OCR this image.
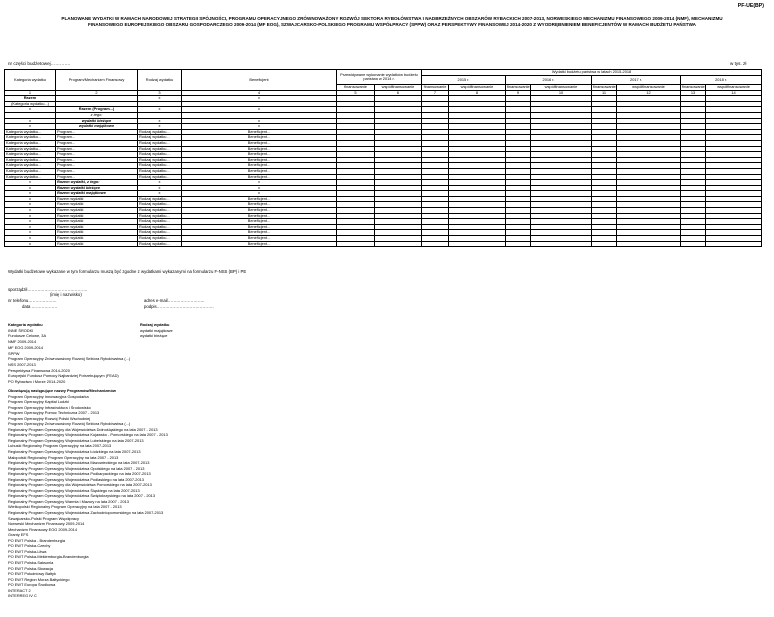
PF-UE(BP)
PLANOWANE WYDATKI W RAMACH NARODOWEJ STRATEGII SPÓJNOŚCI, PROGRAMU OPERACYJNEGO ZRÓWNOWAŻONY ROZWÓJ SEKTORA RYBOŁÓWSTWA I NADBRZEŻNYCH OBSZARÓW RYBACKICH 2007-2013, NORWESKIEGO MECHANIZMU FINANSOWEGO 2009-2014 (NMF), MECHANIZMU
FINANSOWEGO EUROPEJSKIEGO OBSZARU GOSPODARCZEGO 2009-2014 (MF EOG), SZWAJCARSKO-POLSKIEGO PROGRAMU WSPÓŁPRACY (SPPW) ORAZ PERSPEKTYWY FINANSOWEJ 2014-2020 Z WYODRĘBNIENIEM BENEFICJENTÓW W RAMACH BUDŻETU PAŃSTWA
nr części budżetowej………….	w tys. zł
Kategoria wydatku	Program/Mechanizm Finansowy	Rodzaj wydatku	Beneficjent	Przewidywane wykonanie wydatków budżetu państwa w 2014 r.		Wydatki budżetu państwa w latach 2015-2018							
						2015 r.		2016 r.		2017 r.		2018 r.	
				finansowanie	współfinansowanie	finansowanie	współfinansowanie	finansowanie	współfinansowanie	finansowanie	współfinansowanie	finansowanie	współfinansowanie
1	2	3	4	5	6	7	8	9	10	11	12	13	14
Razem		x	x										
(Kategoria wydatku...)													
x	Razem (Program...)	x	x										
	z tego:												
x	wydatki bieżące	x	x										
x	wydatki majątkowe	x	x										
Kategoria wydatku...	Program...	Rodzaj wydatku...	Beneficjent...										
Kategoria wydatku...	Program...	Rodzaj wydatku...	Beneficjent...										
Kategoria wydatku...	Program...	Rodzaj wydatku...	Beneficjent...										
Kategoria wydatku...	Program...	Rodzaj wydatku...	Beneficjent...										
Kategoria wydatku...	Program...	Rodzaj wydatku...	Beneficjent...										
Kategoria wydatku...	Program...	Rodzaj wydatku...	Beneficjent...										
Kategoria wydatku...	Program...	Rodzaj wydatku...	Beneficjent...										
Kategoria wydatku...	Program...	Rodzaj wydatku...	Beneficjent...										
Kategoria wydatku...	Program...	Rodzaj wydatku...	Beneficjent...										
x	Razem wydatki, z tego:	x	x										
x	Razem wydatki bieżące	x	x										
x	Razem wydatki majątkowe	x	x										
x	Razem wydatki	Rodzaj wydatku...	Beneficjent...										
x	Razem wydatki	Rodzaj wydatku...	Beneficjent...										
x	Razem wydatki	Rodzaj wydatku...	Beneficjent...										
x	Razem wydatki	Rodzaj wydatku...	Beneficjent...										
x	Razem wydatki	Rodzaj wydatku...	Beneficjent...										
x	Razem wydatki	Rodzaj wydatku...	Beneficjent...										
x	Razem wydatki	Rodzaj wydatku...	Beneficjent...										
x	Razem wydatki	Rodzaj wydatku...	Beneficjent...										
x	Razem wydatki	Rodzaj wydatku...	Beneficjent...										
Wydatki budżetowe wykazane w tym formularzu muszą być zgodne z wydatkami wykazanymi na formularzu F-NSS (BP) i PE
sporządził……………………………………
(imię i nazwisko)
nr telefonu………………..	adres e-mail……………………..
data ………………	podpis………………………………….
Kategoria wydatku
INNE ŚRODKI
Fundusze Celowe, 3A
NMF 2009-2014
MF EOG 2009-2014
SPPW
Program Operacyjny Zrównoważony Rozwój Sektora Rybołówstwa (...)
NSS 2007-2013
Perspektywa Finansowa 2014-2020
Europejski Fundusz Pomocy Najbardziej Potrzebującym (FEAD)
PO Rybactwo i Morze 2014-2020
Rodzaj wydatku
wydatki majątkowe
wydatki bieżące
Obowiązują następujące nazwy Programów/Mechanizmów
Program Operacyjny Innowacyjna Gospodarka
Program Operacyjny Kapitał Ludzki
Program Operacyjny Infrastruktura i Środowisko
Program Operacyjny Pomoc Techniczna 2007 - 2013
Program Operacyjny Rozwój Polski Wschodniej
Program Operacyjny Zrównoważony Rozwój Sektora Rybołówstwa (...)
Regionalny Program Operacyjny dla Województwa Dolnośląskiego na lata 2007 - 2013
Regionalny Program Operacyjny Województwa Kujawsko - Pomorskiego na lata 2007 - 2013
Regionalny Program Operacyjny Województwa Lubelskiego na lata 2007-2013
Lubuski Regionalny Program Operacyjny na lata 2007-2013
Regionalny Program Operacyjny Województwa Łódzkiego na lata 2007-2013
Małopolski Regionalny Program Operacyjny na lata 2007 - 2013
Regionalny Program Operacyjny Województwa Mazowieckiego na lata 2007-2013
Regionalny Program Operacyjny Województwa Opolskiego na lata 2007 - 2013
Regionalny Program Operacyjny Województwa Podkarpackiego na lata 2007-2013
Regionalny Program Operacyjny Województwa Podlaskiego na lata 2007-2013
Regionalny Program Operacyjny dla Województwa Pomorskiego na lata 2007-2013
Regionalny Program Operacyjny Województwa Śląskiego na lata 2007-2013
Regionalny Program Operacyjny Województwa Świętokrzyskiego na lata 2007 - 2013
Regionalny Program Operacyjny Warmia i Mazury na lata 2007 - 2013
Wielkopolski Regionalny Program Operacyjny na lata 2007 - 2013
Regionalny Program Operacyjny Województwa Zachodniopomorskiego na lata 2007-2013
Szwajcarsko-Polski Program Współpracy
Norweski Mechanizm Finansowy 2009-2014
Mechanizm Finansowy EOG 2009-2014
Granty EFS
PO EWT Polska - Brandenburgia
PO EWT Polska-Czechy
PO EWT Polska-Litwa
PO EWT Polska-Meklemburgia-Brandenburgia
PO EWT Polska-Saksonia
PO EWT Polska-Słowacja
PO EWT Południowy Bałtyk
PO EWT Region Morza Bałtyckiego
PO EWT Europa Środkowa
INTERACT 2
INTERREG IV C
